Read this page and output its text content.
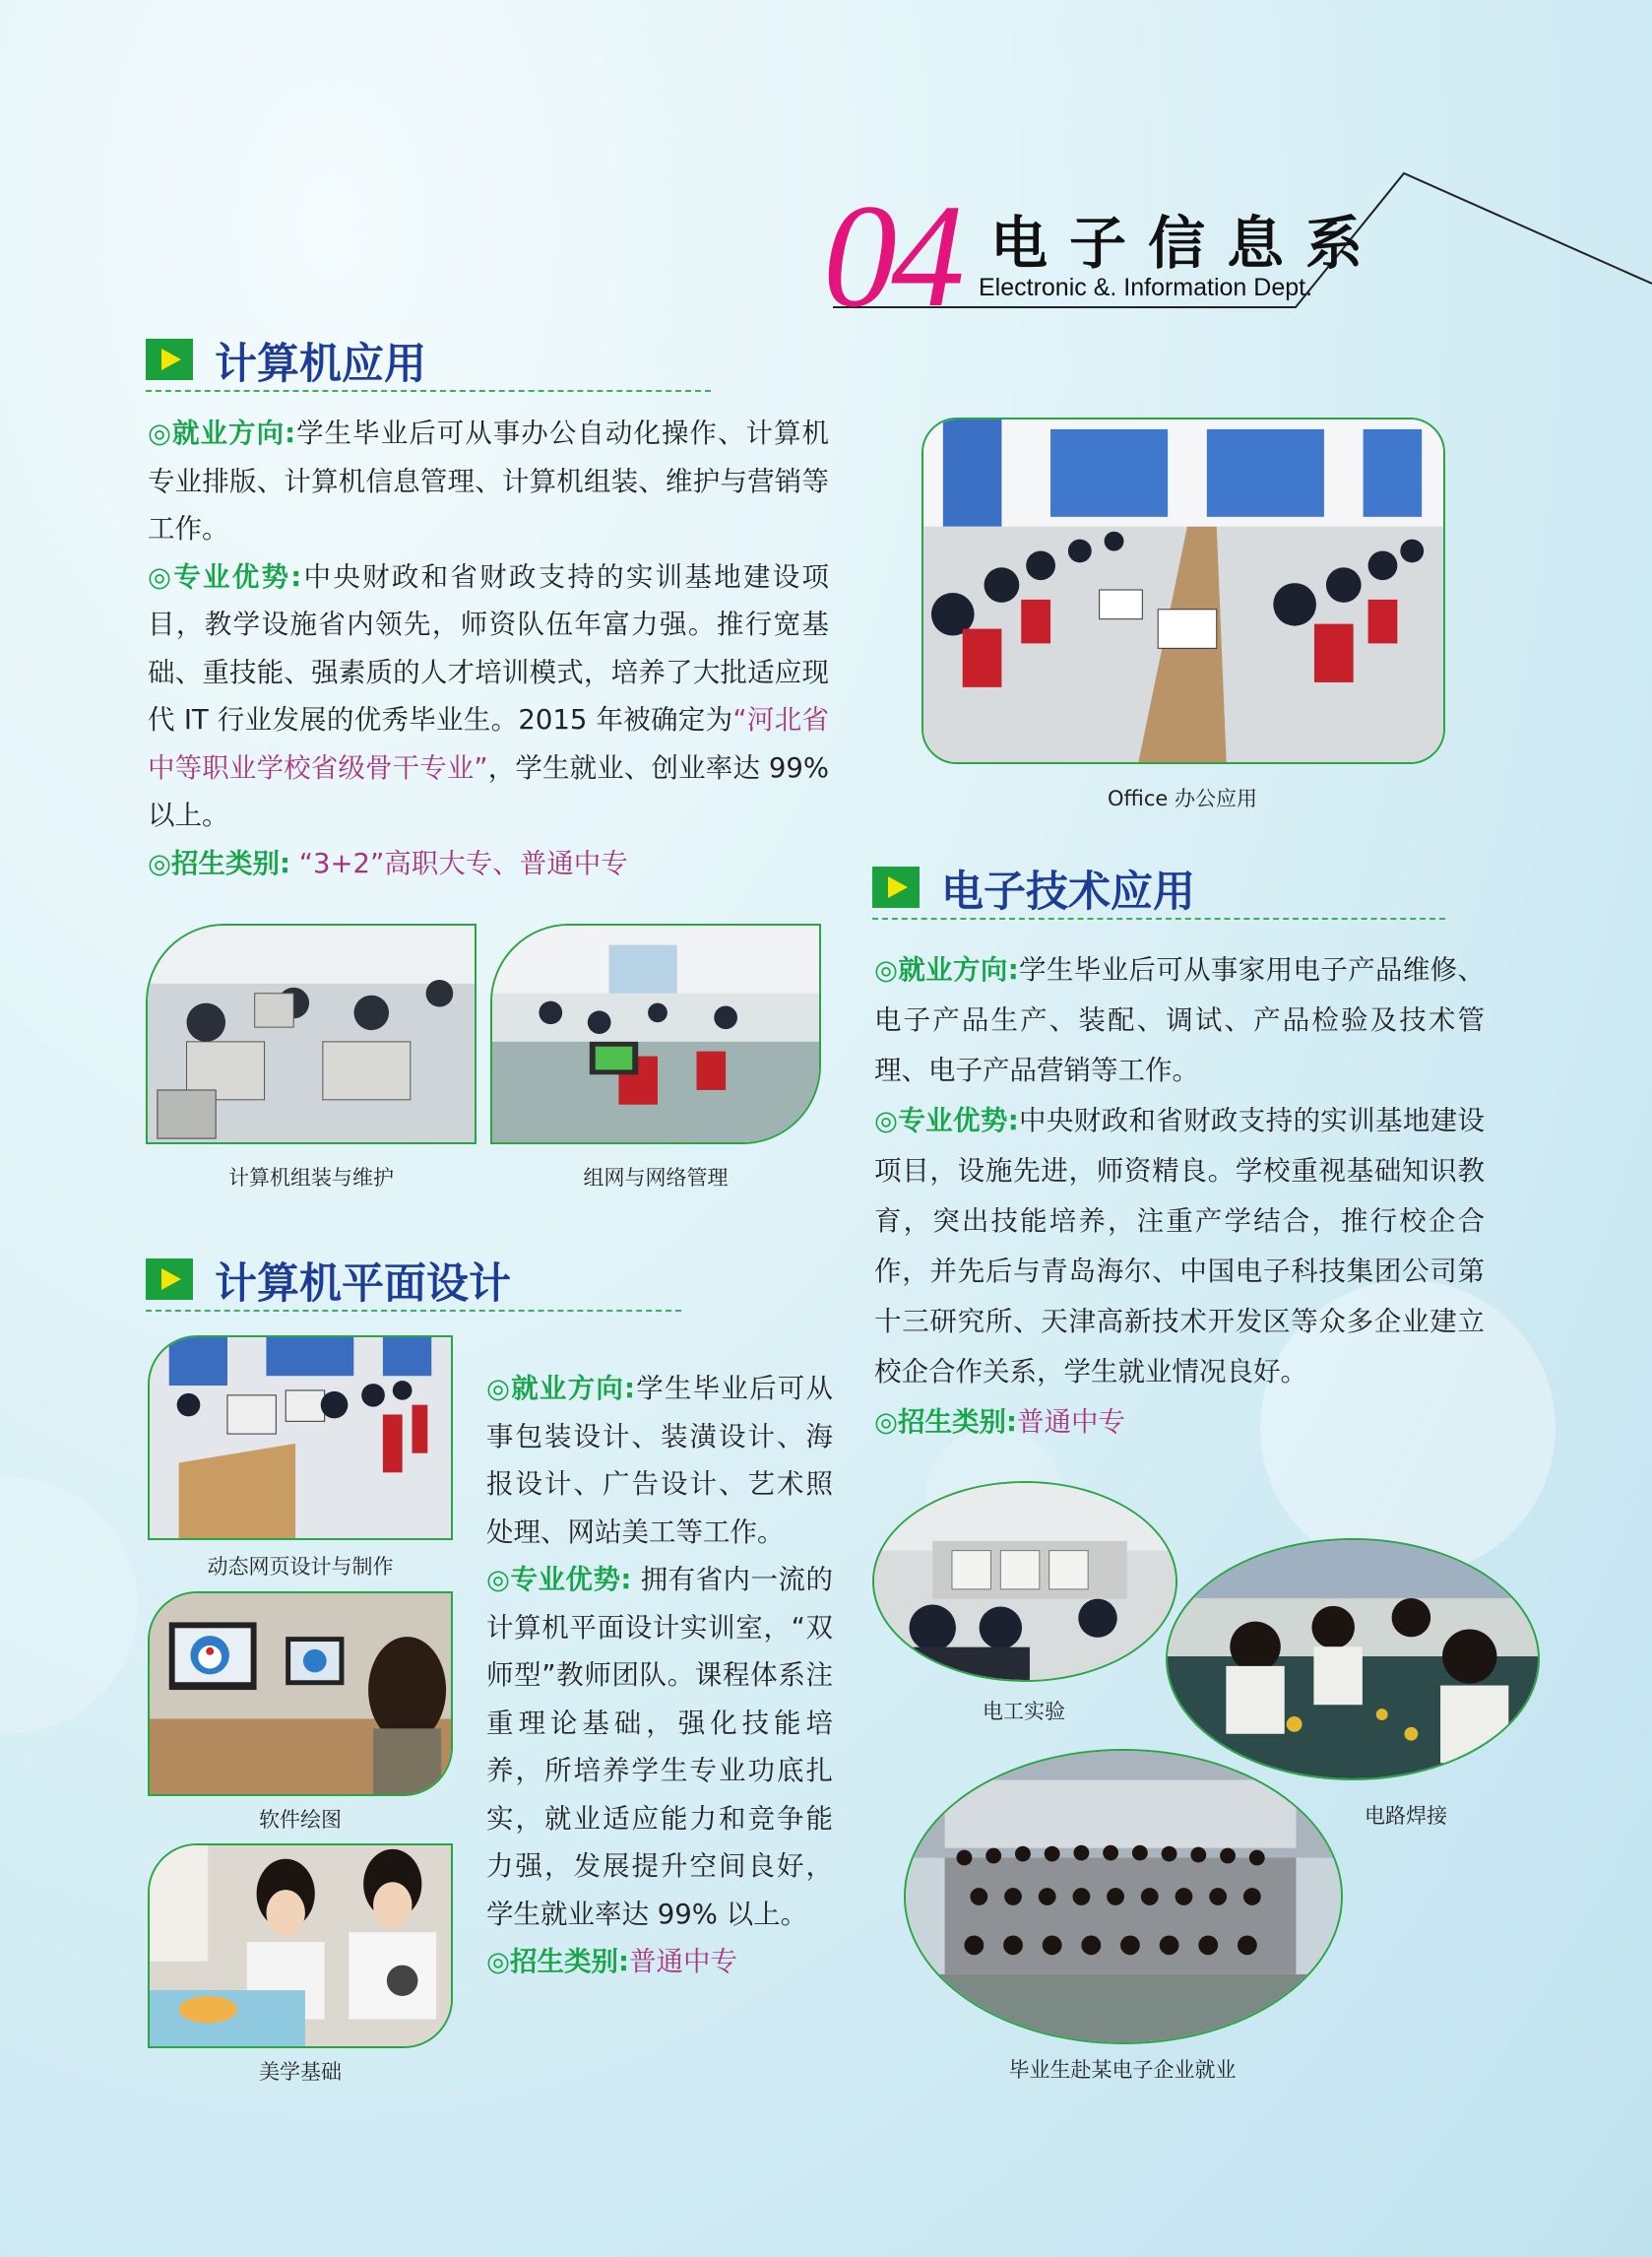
04 电子信息系
Electronic &. Information Dept.
计算机应用

◎就业方向:学生毕业后可从事办公自动化操作、计算机专业排版、计算机信息管理、计算机组装、维护与营销等工作。

◎专业优势:中央财政和省财政支持的实训基地建设项目，教学设施省内领先，师资队伍年富力强。推行宽基础、重技能、强素质的人才培训模式，培养了大批适应现代 IT 行业发展的优秀毕业生。2015 年被确定为“河北省中等职业学校省级骨干专业”，学生就业、创业率达 99% 以上。

◎招生类别: “3+2”高职大专、普通中专

Office 办公应用
计算机组装与维护	组网与网络管理
计算机平面设计
动态网页设计与制作
软件绘图
美学基础

◎就业方向:学生毕业后可从事包装设计、装潢设计、海报设计、广告设计、艺术照处理、网站美工等工作。

◎专业优势: 拥有省内一流的计算机平面设计实训室，“双师型”教师团队。课程体系注重理论基础，强化技能培养，所培养学生专业功底扎实，就业适应能力和竞争能力强，发展提升空间良好，学生就业率达 99% 以上。

◎招生类别:普通中专

电子技术应用

◎就业方向:学生毕业后可从事家用电子产品维修、电子产品生产、装配、调试、产品检验及技术管理、电子产品营销等工作。

◎专业优势:中央财政和省财政支持的实训基地建设项目，设施先进，师资精良。学校重视基础知识教育，突出技能培养，注重产学结合，推行校企合作，并先后与青岛海尔、中国电子科技集团公司第十三研究所、天津高新技术开发区等众多企业建立校企合作关系，学生就业情况良好。

◎招生类别:普通中专

电工实验
电路焊接
毕业生赴某电子企业就业
